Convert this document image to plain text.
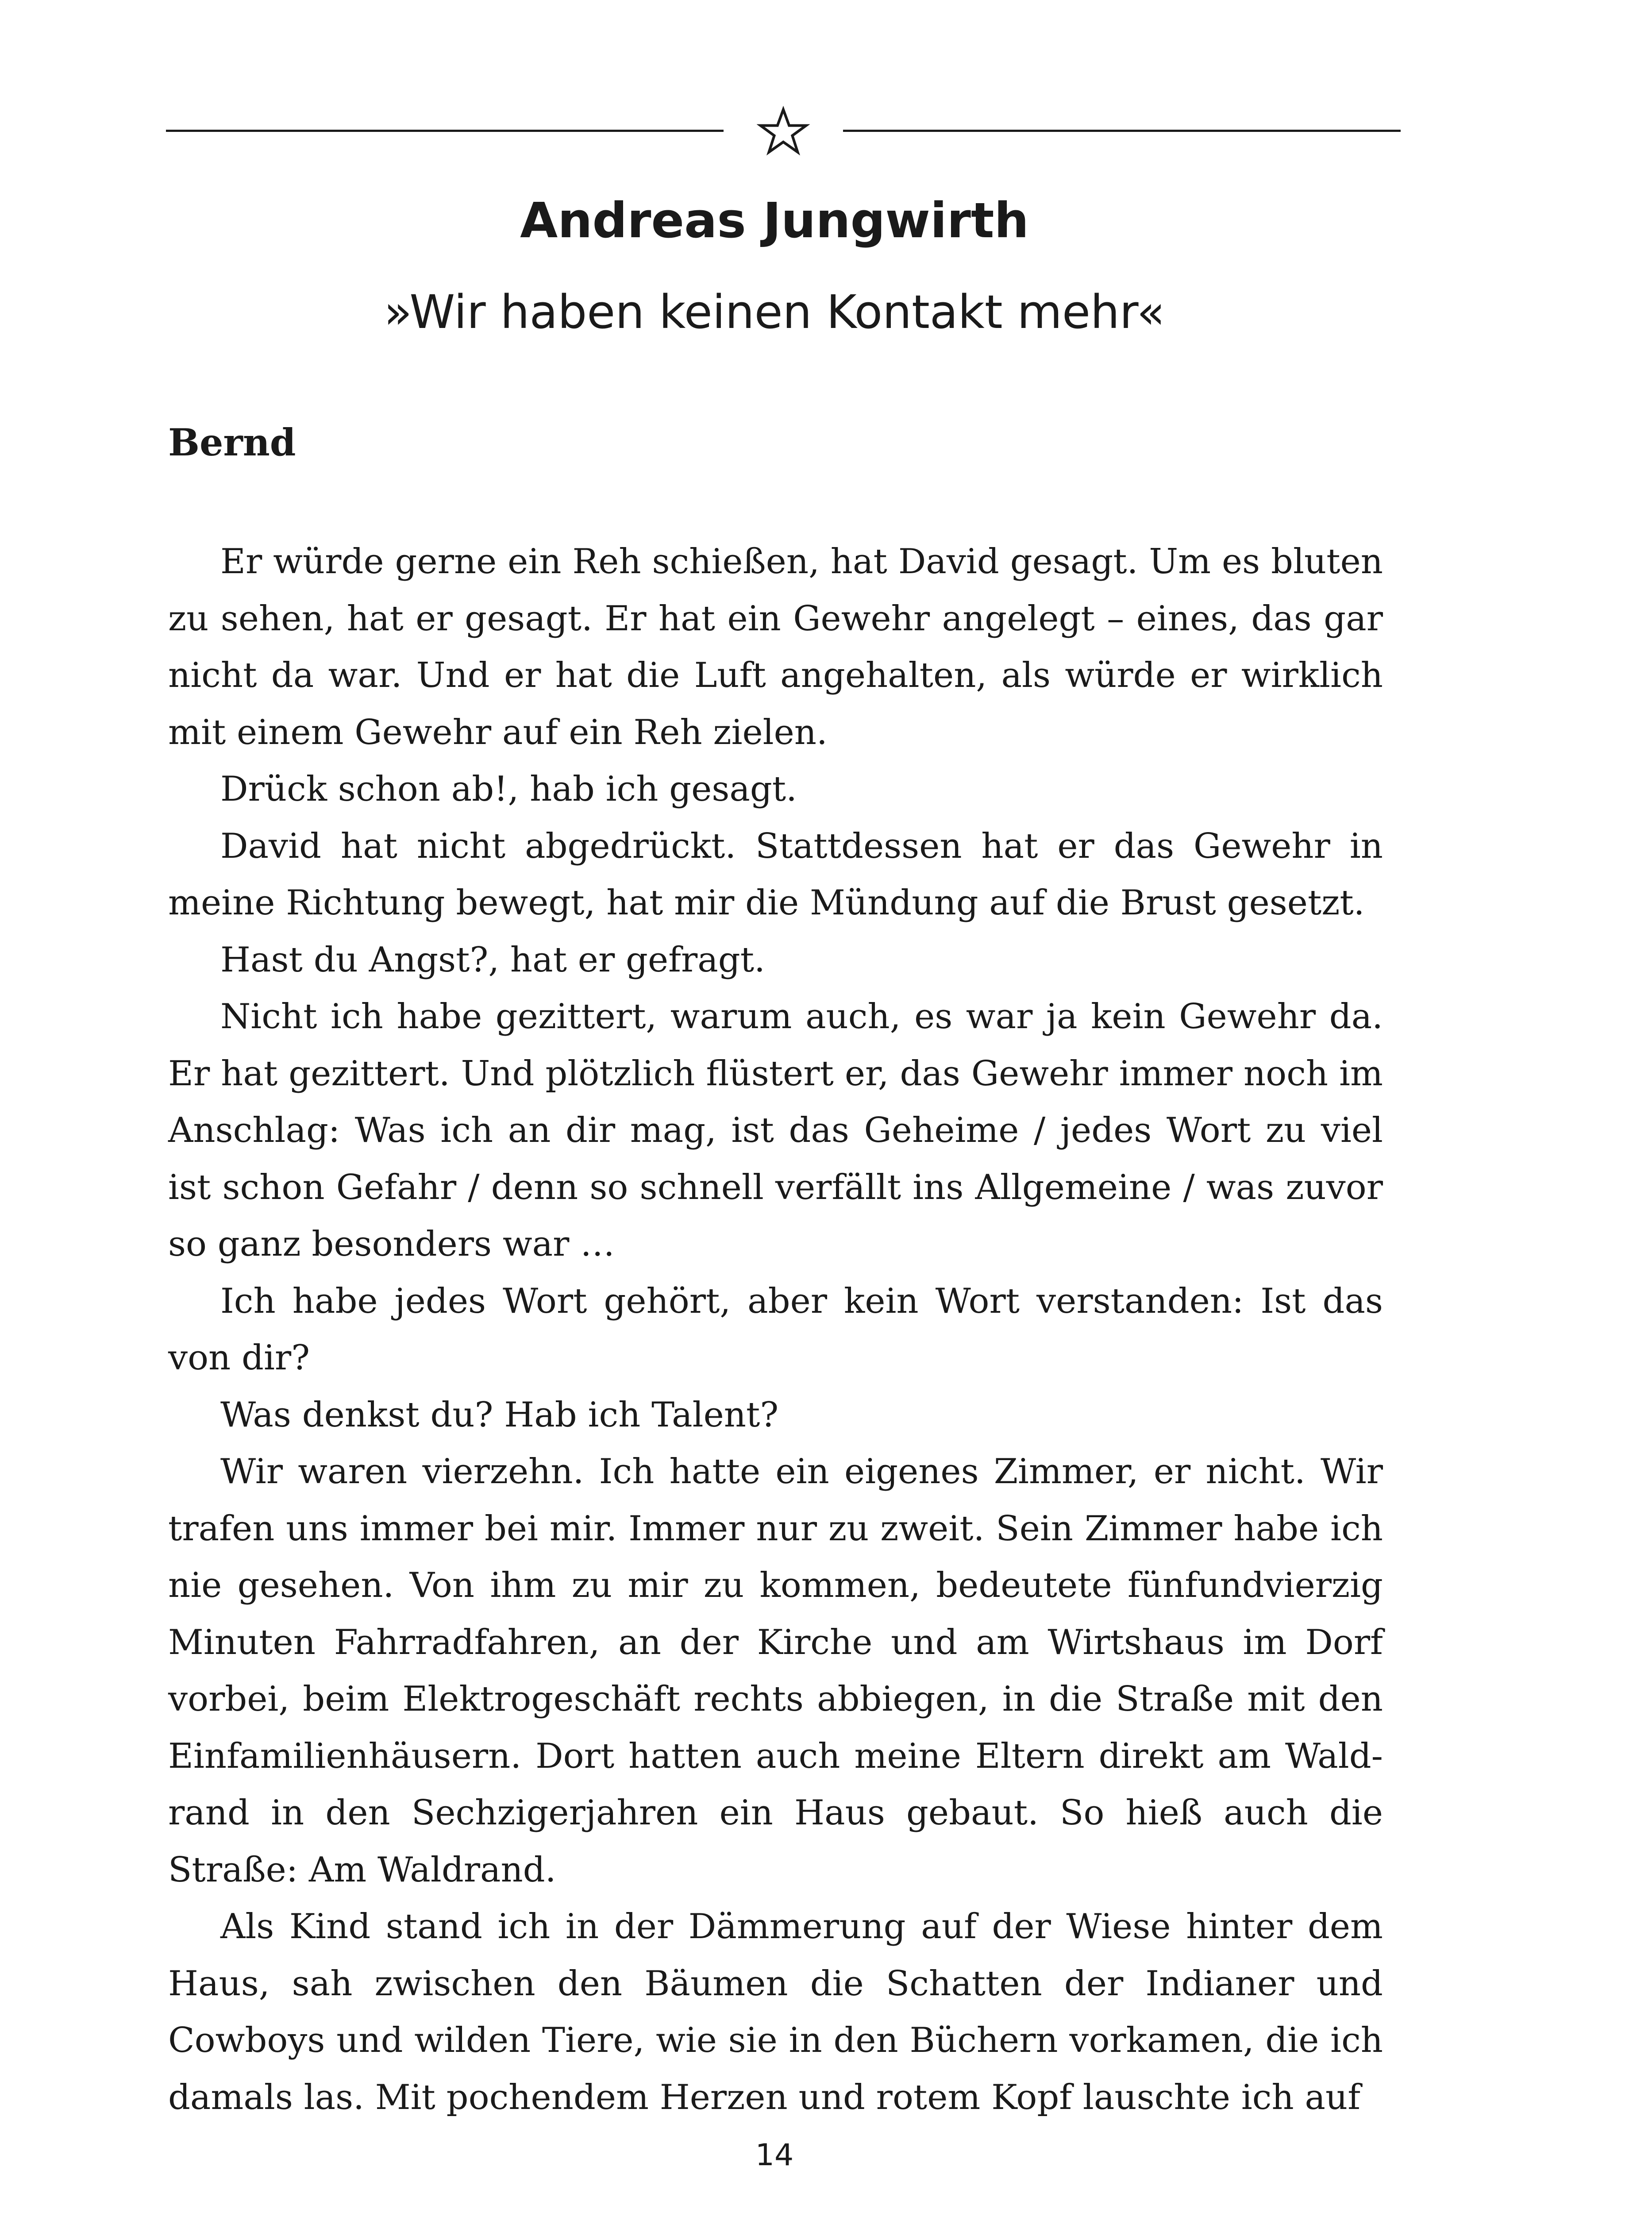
Andreas Jungwirth
»Wir haben keinen Kontakt mehr«
Bernd

Er würde gerne ein Reh schießen, hat David gesagt. Um es bluten zu sehen, hat er gesagt. Er hat ein Gewehr angelegt – eines, das gar nicht da war. Und er hat die Luft angehalten, als würde er wirklich mit einem Gewehr auf ein Reh zielen.

Drück schon ab!, hab ich gesagt.

David hat nicht abgedrückt. Stattdessen hat er das Gewehr in meine Richtung bewegt, hat mir die Mündung auf die Brust gesetzt.

Hast du Angst?, hat er gefragt.

Nicht ich habe gezittert, warum auch, es war ja kein Gewehr da. Er hat gezittert. Und plötzlich flüstert er, das Gewehr immer noch im Anschlag: Was ich an dir mag, ist das Geheime / jedes Wort zu viel ist schon Gefahr / denn so schnell verfällt ins Allgemeine / was zuvor so ganz besonders war …

Ich habe jedes Wort gehört, aber kein Wort verstanden: Ist das von dir?

Was denkst du? Hab ich Talent?

Wir waren vierzehn. Ich hatte ein eigenes Zimmer, er nicht. Wir trafen uns immer bei mir. Immer nur zu zweit. Sein Zimmer habe ich nie gesehen. Von ihm zu mir zu kommen, bedeutete fünfundvierzig Minuten Fahrradfahren, an der Kirche und am Wirtshaus im Dorf vorbei, beim Elektrogeschäft rechts abbiegen, in die Straße mit den Einfamilienhäusern. Dort hatten auch meine Eltern direkt am Waldrand in den Sechzigerjahren ein Haus gebaut. So hieß auch die Straße: Am Waldrand.

Als Kind stand ich in der Dämmerung auf der Wiese hinter dem Haus, sah zwischen den Bäumen die Schatten der Indianer und Cowboys und wilden Tiere, wie sie in den Büchern vorkamen, die ich damals las. Mit pochendem Herzen und rotem Kopf lauschte ich auf

14
